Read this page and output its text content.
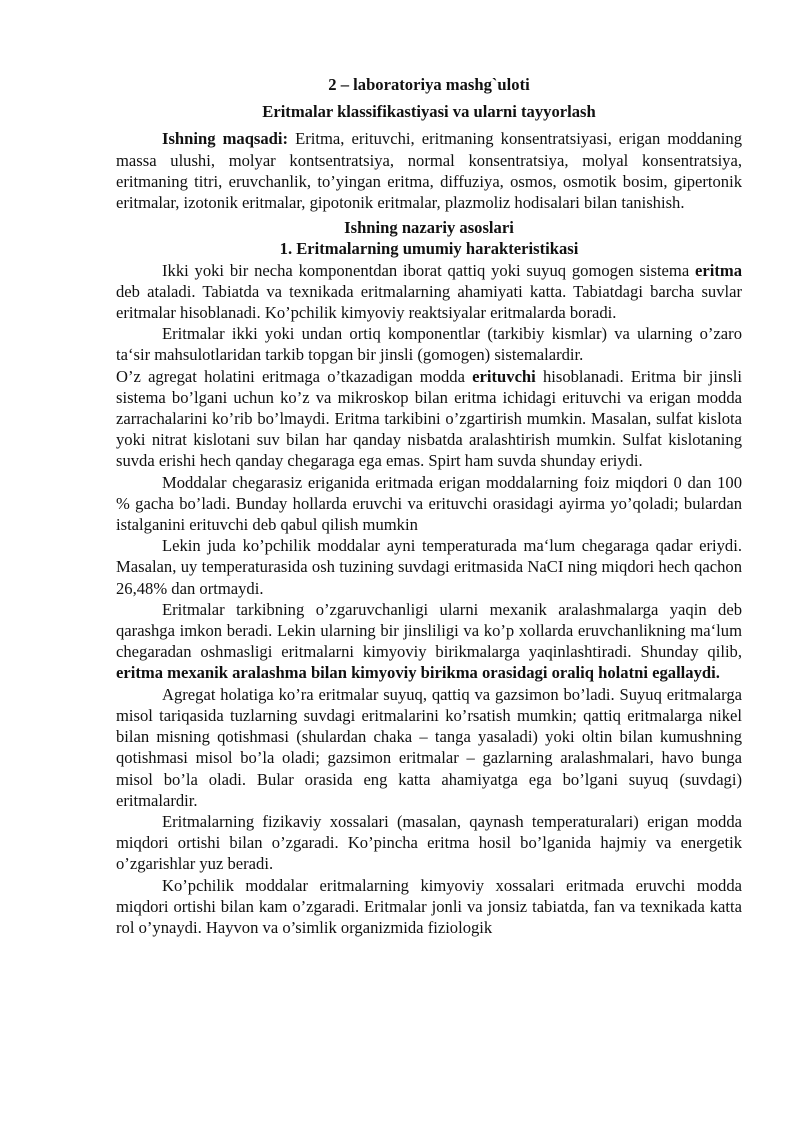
2 – laboratoriya mashg`uloti

Eritmalar klassifikastiyasi va ularni tayyorlash

Ishning maqsadi: Eritma, erituvchi, eritmaning konsentratsiyasi, erigan moddaning massa ulushi, molyar kontsentratsiya, normal konsentratsiya, molyal konsentratsiya, eritmaning titri, eruvchanlik, to’yingan eritma, diffuziya, osmos, osmotik bosim, gipertonik eritmalar, izotonik eritmalar, gipotonik eritmalar, plazmoliz hodisalari bilan tanishish.

Ishning nazariy asoslari

1. Eritmalarning umumiy harakteristikasi

Ikki yoki bir necha komponentdan iborat qattiq yoki suyuq gomogen sistema eritma deb ataladi. Tabiatda va texnikada eritmalarning ahamiyati katta. Tabiatdagi barcha suvlar eritmalar hisoblanadi. Ko’pchilik kimyoviy reaktsiyalar eritmalarda boradi.

Eritmalar ikki yoki undan ortiq komponentlar (tarkibiy kismlar) va ularning o’zaro ta‘sir mahsulotlaridan tarkib topgan bir jinsli (gomogen) sistemalardir.

O’z agregat holatini eritmaga o’tkazadigan modda erituvchi hisoblanadi. Eritma bir jinsli sistema bo’lgani uchun ko’z va mikroskop bilan eritma ichidagi erituvchi va erigan modda zarrachalarini ko’rib bo’lmaydi. Eritma tarkibini o’zgartirish mumkin. Masalan, sulfat kislota yoki nitrat kislotani suv bilan har qanday nisbatda aralashtirish mumkin. Sulfat kislotaning suvda erishi hech qanday chegaraga ega emas. Spirt ham suvda shunday eriydi.

Moddalar chegarasiz eriganida eritmada erigan moddalarning foiz miqdori 0 dan 100 % gacha bo’ladi. Bunday hollarda eruvchi va erituvchi orasidagi ayirma yo’qoladi; bulardan istalganini erituvchi deb qabul qilish mumkin

Lekin juda ko’pchilik moddalar ayni temperaturada ma‘lum chegaraga qadar eriydi. Masalan, uy temperaturasida osh tuzining suvdagi eritmasida NaCI ning miqdori hech qachon 26,48% dan ortmaydi.

Eritmalar tarkibning o’zgaruvchanligi ularni mexanik aralashmalarga yaqin deb qarashga imkon beradi. Lekin ularning bir jinsliligi va ko’p xollarda eruvchanlikning ma‘lum chegaradan oshmasligi eritmalarni kimyoviy birikmalarga yaqinlashtiradi. Shunday qilib, eritma mexanik aralashma bilan kimyoviy birikma orasidagi oraliq holatni egallaydi.

Agregat holatiga ko’ra eritmalar suyuq, qattiq va gazsimon bo’ladi. Suyuq eritmalarga misol tariqasida tuzlarning suvdagi eritmalarini ko’rsatish mumkin; qattiq eritmalarga nikel bilan misning qotishmasi (shulardan chaka – tanga yasaladi) yoki oltin bilan kumushning qotishmasi misol bo’la oladi; gazsimon eritmalar – gazlarning aralashmalari, havo bunga misol bo’la oladi. Bular orasida eng katta ahamiyatga ega bo’lgani suyuq (suvdagi) eritmalardir.

Eritmalarning fizikaviy xossalari (masalan, qaynash temperaturalari) erigan modda miqdori ortishi bilan o’zgaradi. Ko’pincha eritma hosil bo’lganida hajmiy va energetik o’zgarishlar yuz beradi.

Ko’pchilik moddalar eritmalarning kimyoviy xossalari eritmada eruvchi modda miqdori ortishi bilan kam o’zgaradi. Eritmalar jonli va jonsiz tabiatda, fan va texnikada katta rol o’ynaydi. Hayvon va o’simlik organizmida fiziologik
